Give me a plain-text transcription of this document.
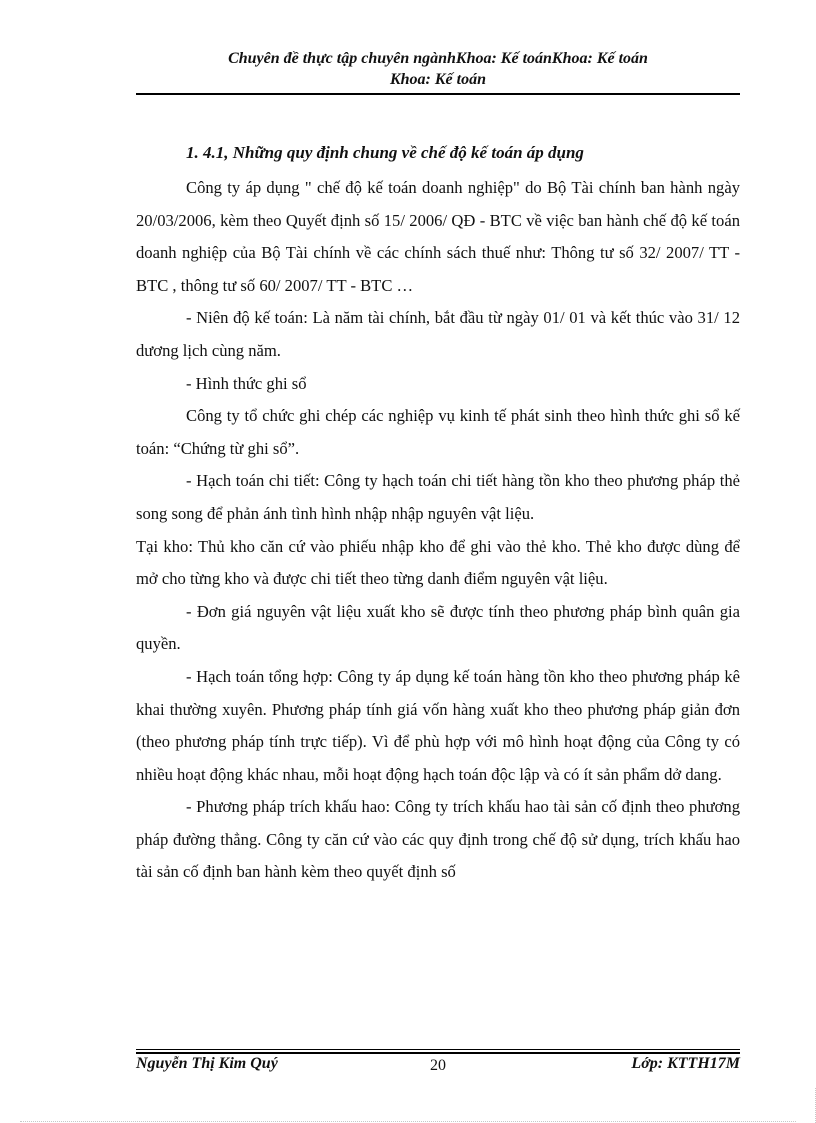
Chuyên đề thực tập chuyên ngànhKhoa: Kế toánKhoa: Kế toán
Khoa: Kế toán
1. 4.1, Những quy định chung về chế độ kế toán áp dụng

Công ty áp dụng " chế độ kế toán doanh nghiệp" do Bộ Tài chính ban hành ngày 20/03/2006, kèm theo Quyết định số 15/ 2006/ QĐ - BTC về việc ban hành chế độ kế toán doanh nghiệp của Bộ Tài chính về các chính sách thuế như: Thông tư số 32/ 2007/ TT - BTC , thông tư số 60/ 2007/ TT - BTC …

- Niên độ kế toán: Là năm tài chính, bắt đầu từ ngày 01/ 01 và kết thúc vào 31/ 12 dương lịch cùng năm.

- Hình thức ghi sổ

Công ty tổ chức ghi chép các nghiệp vụ kinh tế phát sinh theo hình thức ghi sổ kế toán: “Chứng từ ghi sổ”.

- Hạch toán chi tiết: Công ty hạch toán chi tiết hàng tồn kho theo phương pháp thẻ song song để phản ánh tình hình nhập nhập nguyên vật liệu.

Tại kho: Thủ kho căn cứ vào phiếu nhập kho để ghi vào thẻ kho. Thẻ kho được dùng để mở cho từng kho và được chi tiết theo từng danh điểm nguyên vật liệu.

- Đơn giá nguyên vật liệu xuất kho sẽ được tính theo phương pháp bình quân gia quyền.

- Hạch toán tổng hợp: Công ty áp dụng kế toán hàng tồn kho theo phương pháp kê khai thường xuyên. Phương pháp tính giá vốn hàng xuất kho theo phương pháp giản đơn (theo phương pháp tính trực tiếp). Vì để phù hợp với mô hình hoạt động của Công ty có nhiều hoạt động khác nhau, mỗi hoạt động hạch toán độc lập và có ít sản phẩm dở dang.

- Phương pháp trích khấu hao: Công ty trích khấu hao tài sản cố định theo phương pháp đường thẳng. Công ty căn cứ vào các quy định trong chế độ sử dụng, trích khấu hao tài sản cố định ban hành kèm theo quyết định số

Nguyễn Thị Kim Quý	20	Lớp: KTTH17M
